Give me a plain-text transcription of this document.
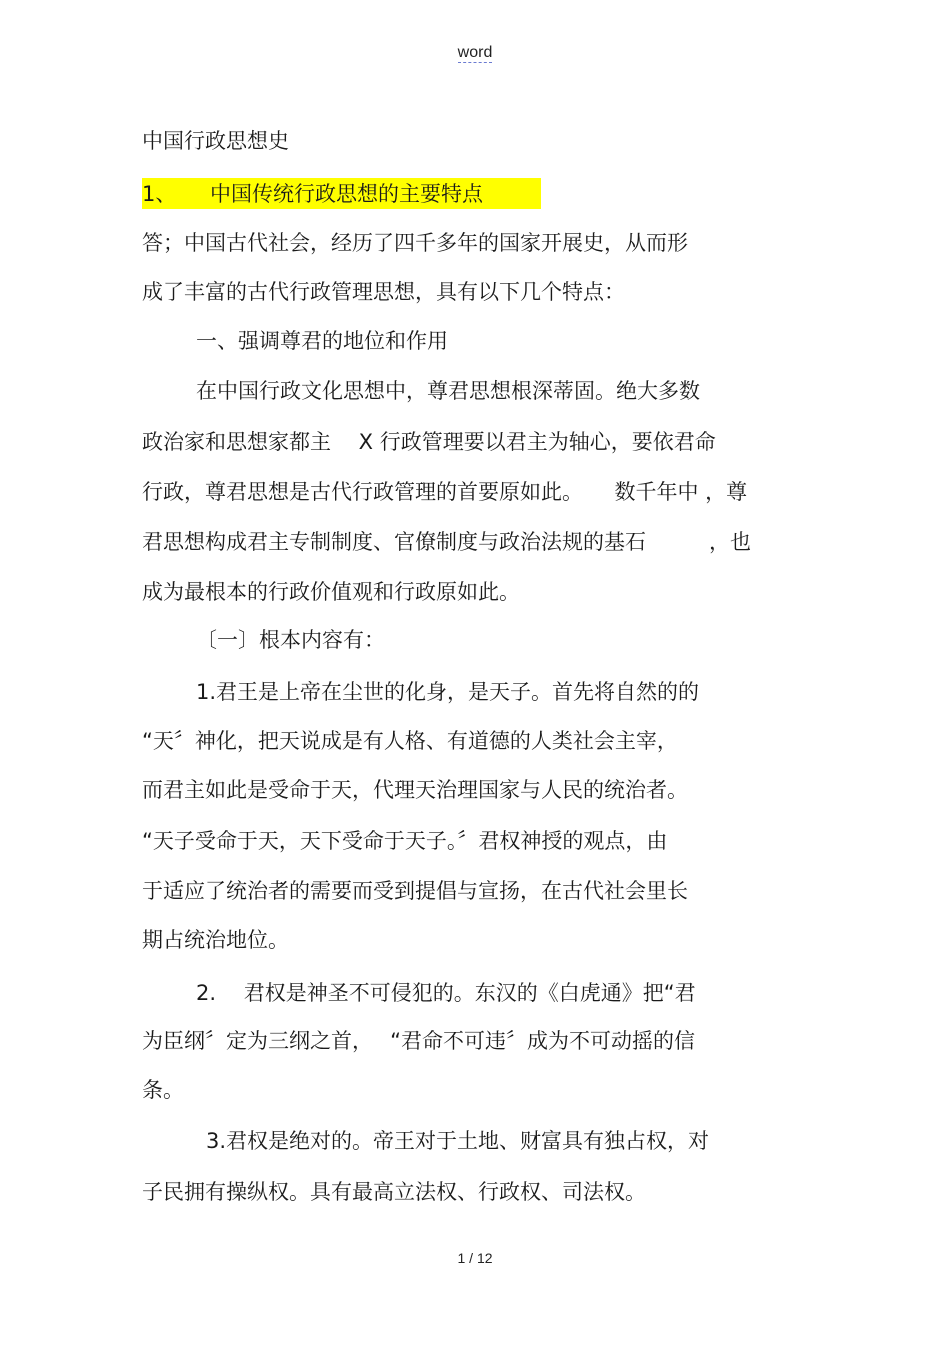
word
中国行政思想史
1、 中国传统行政思想的主要特点
答；中国古代社会，经历了四千多年的国家开展史，从而形
成了丰富的古代行政管理思想，具有以下几个特点：
一、强调尊君的地位和作用
在中国行政文化思想中，尊君思想根深蒂固。绝大多数
政治家和思想家都主　 X 行政管理要以君主为轴心，要依君命
行政，尊君思想是古代行政管理的首要原如此。　　数千年中 ，尊
君思想构成君主专制制度、官僚制度与政治法规的基石　　　，也
成为最根本的行政价值观和行政原如此。
〔一〕根本内容有：
1.君王是上帝在尘世的化身，是天子。首先将自然的的
“天〞神化，把天说成是有人格、有道德的人类社会主宰，
而君主如此是受命于天，代理天治理国家与人民的统治者。
“天子受命于天，天下受命于天子。〞君权神授的观点，由
于适应了统治者的需要而受到提倡与宣扬，在古代社会里长
期占统治地位。
2.　 君权是神圣不可侵犯的。东汉的《白虎通》把“君
为臣纲〞定为三纲之首，　 “君命不可违〞成为不可动摇的信
条。
3.君权是绝对的。帝王对于土地、财富具有独占权，对
子民拥有操纵权。具有最高立法权、行政权、司法权。
1 / 12
